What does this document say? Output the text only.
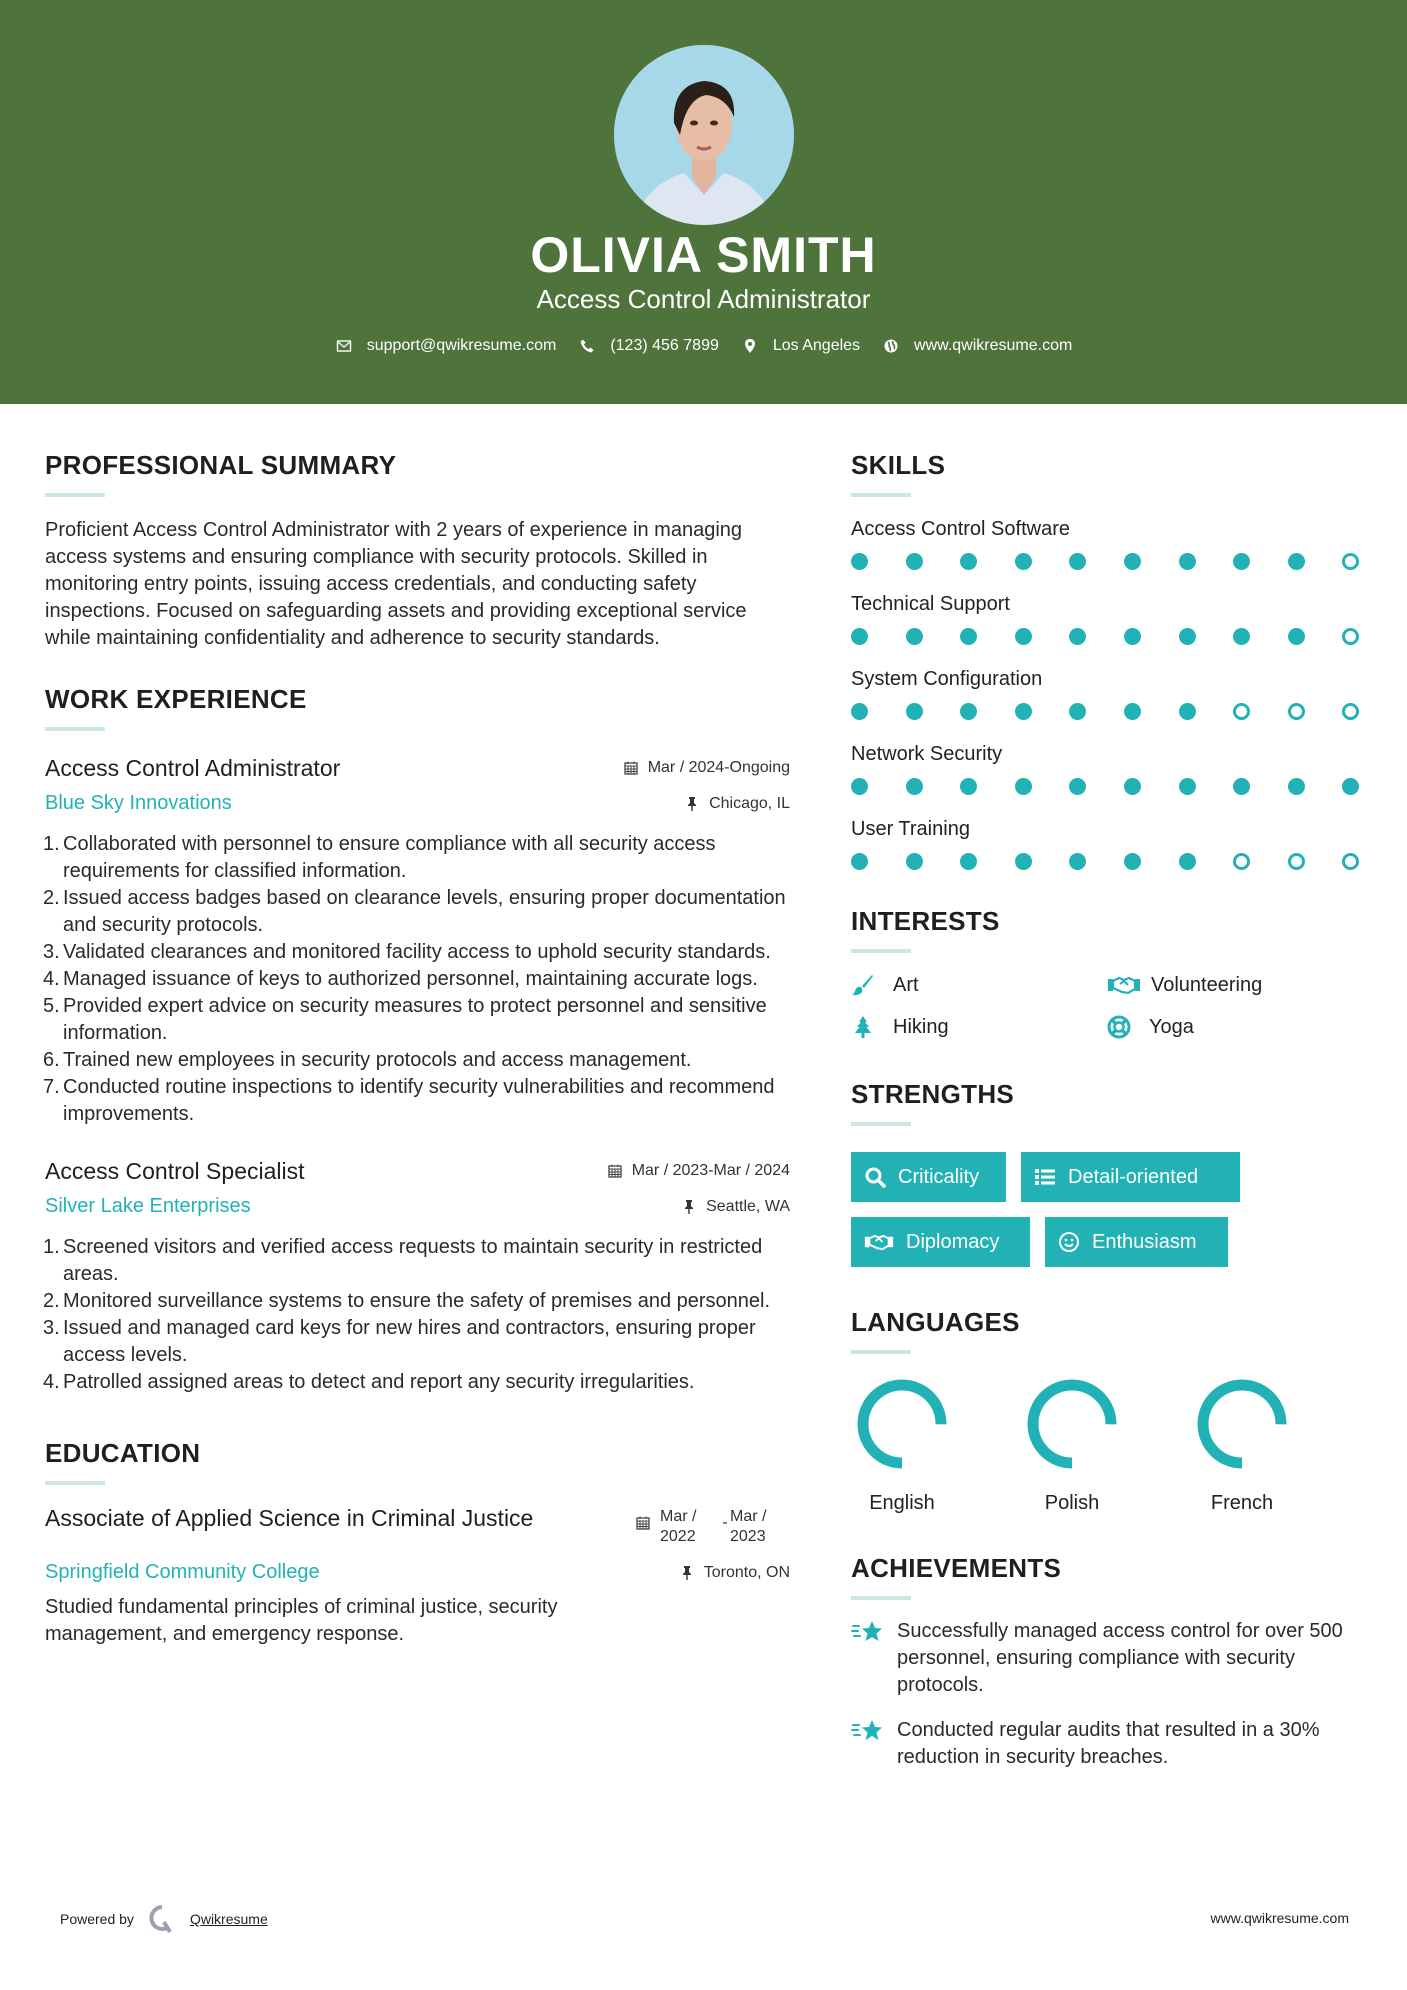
OLIVIA SMITH
Access Control Administrator
support@qwikresume.com	(123) 456 7899	Los Angeles	www.qwikresume.com
PROFESSIONAL SUMMARY

Proficient Access Control Administrator with 2 years of experience in managing access systems and ensuring compliance with security protocols. Skilled in monitoring entry points, issuing access credentials, and conducting safety inspections. Focused on safeguarding assets and providing exceptional service while maintaining confidentiality and adherence to security standards.

WORK EXPERIENCE
Access Control Administrator	Mar / 2024-Ongoing
Blue Sky Innovations	Chicago, IL
Collaborated with personnel to ensure compliance with all security access requirements for classified information.
Issued access badges based on clearance levels, ensuring proper documentation and security protocols.
Validated clearances and monitored facility access to uphold security standards.
Managed issuance of keys to authorized personnel, maintaining accurate logs.
Provided expert advice on security measures to protect personnel and sensitive information.
Trained new employees in security protocols and access management.
Conducted routine inspections to identify security vulnerabilities and recommend improvements.
Access Control Specialist	Mar / 2023-Mar / 2024
Silver Lake Enterprises	Seattle, WA
Screened visitors and verified access requests to maintain security in restricted areas.
Monitored surveillance systems to ensure the safety of premises and personnel.
Issued and managed card keys for new hires and contractors, ensuring proper access levels.
Patrolled assigned areas to detect and report any security irregularities.
EDUCATION
Associate of Applied Science in Criminal Justice	Mar / 2022
- Mar / 2023
Springfield Community College	Toronto, ON

Studied fundamental principles of criminal justice, security management, and emergency response.

SKILLS
Access Control Software
Technical Support
System Configuration
Network Security
User Training
INTERESTS
Art	Volunteering
Hiking	Yoga
STRENGTHS
Criticality	Detail-oriented
Diplomacy	Enthusiasm
LANGUAGES
English	Polish	French
ACHIEVEMENTS
Successfully managed access control for over 500 personnel, ensuring compliance with security protocols.
Conducted regular audits that resulted in a 30% reduction in security breaches.
Powered by	Qwikresume	www.qwikresume.com
